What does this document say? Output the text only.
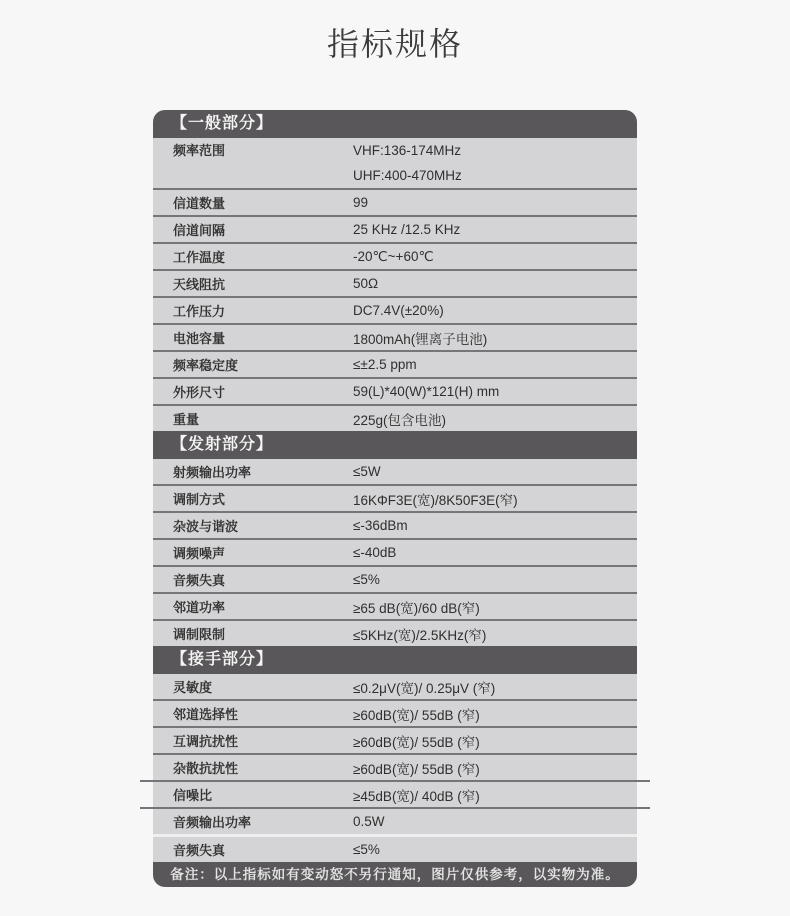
指标规格
【一般部分】
频率范围	VHF:136-174MHz
UHF:400-470MHz
信道数量	99
信道间隔	25 KHz /12.5 KHz
工作温度	-20℃~+60℃
天线阻抗	50Ω
工作压力	DC7.4V(±20%)
电池容量	1800mAh(锂离子电池)
频率稳定度	≤±2.5 ppm
外形尺寸	59(L)*40(W)*121(H) mm
重量	225g(包含电池)
【发射部分】
射频输出功率	≤5W
调制方式	16KΦF3E(宽)/8K50F3E(窄)
杂波与谐波	≤-36dBm
调频噪声	≤-40dB
音频失真	≤5%
邻道功率	≥65 dB(宽)/60 dB(窄)
调制限制	≤5KHz(宽)/2.5KHz(窄)
【接手部分】
灵敏度	≤0.2μV(宽)/ 0.25μV (窄)
邻道选择性	≥60dB(宽)/ 55dB (窄)
互调抗扰性	≥60dB(宽)/ 55dB (窄)
杂散抗扰性	≥60dB(宽)/ 55dB (窄)
信噪比	≥45dB(宽)/ 40dB (窄)
音频输出功率	0.5W
音频失真	≤5%
备注：以上指标如有变动怒不另行通知，图片仅供参考，以实物为准。
